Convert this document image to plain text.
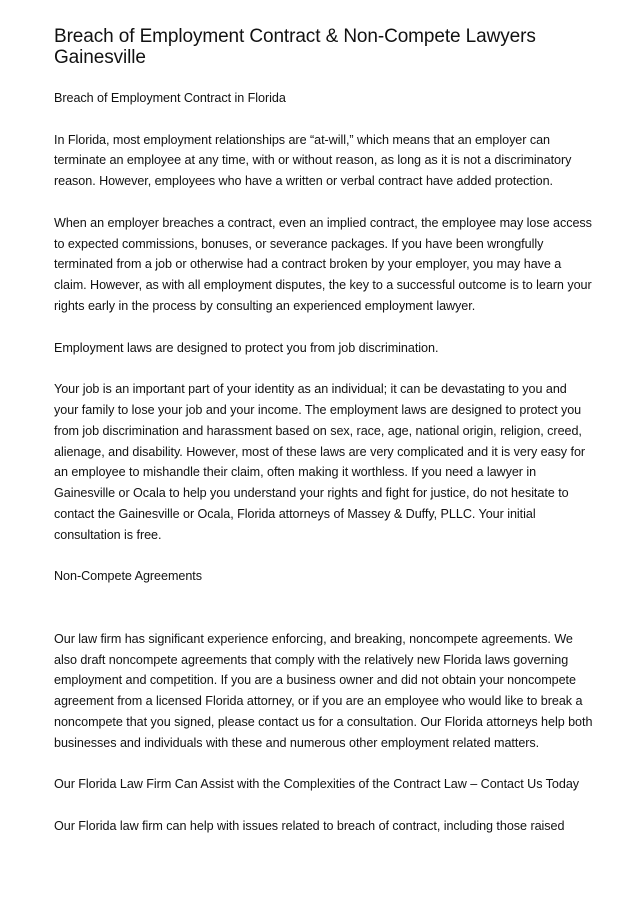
Breach of Employment Contract & Non-Compete Lawyers Gainesville

Breach of Employment Contract in Florida

In Florida, most employment relationships are “at-will,” which means that an employer can terminate an employee at any time, with or without reason, as long as it is not a discriminatory reason. However, employees who have a written or verbal contract have added protection.

When an employer breaches a contract, even an implied contract, the employee may lose access to expected commissions, bonuses, or severance packages. If you have been wrongfully terminated from a job or otherwise had a contract broken by your employer, you may have a claim. However, as with all employment disputes, the key to a successful outcome is to learn your rights early in the process by consulting an experienced employment lawyer.

Employment laws are designed to protect you from job discrimination.

Your job is an important part of your identity as an individual; it can be devastating to you and your family to lose your job and your income. The employment laws are designed to protect you from job discrimination and harassment based on sex, race, age, national origin, religion, creed, alienage, and disability. However, most of these laws are very complicated and it is very easy for an employee to mishandle their claim, often making it worthless. If you need a lawyer in Gainesville or Ocala to help you understand your rights and fight for justice, do not hesitate to contact the Gainesville or Ocala, Florida attorneys of Massey & Duffy, PLLC. Your initial consultation is free.

Non-Compete Agreements

Our law firm has significant experience enforcing, and breaking, noncompete agreements. We also draft noncompete agreements that comply with the relatively new Florida laws governing employment and competition. If you are a business owner and did not obtain your noncompete agreement from a licensed Florida attorney, or if you are an employee who would like to break a noncompete that you signed, please contact us for a consultation. Our Florida attorneys help both businesses and individuals with these and numerous other employment related matters.

Our Florida Law Firm Can Assist with the Complexities of the Contract Law – Contact Us Today

Our Florida law firm can help with issues related to breach of contract, including those raised
